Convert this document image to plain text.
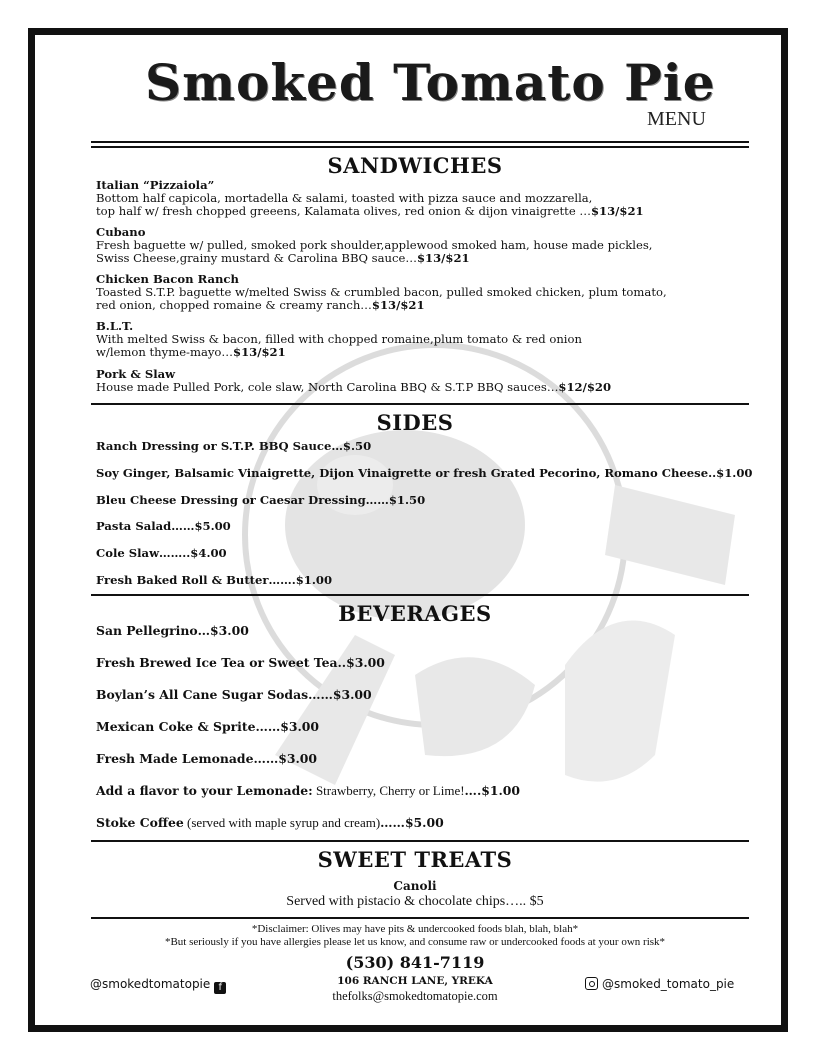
Smoked Tomato Pie
MENU
SANDWICHES
Italian “Pizzaiola”
Bottom half capicola, mortadella & salami, toasted with pizza sauce and mozzarella,
top half w/ fresh chopped greeens, Kalamata olives, red onion & dijon vinaigrette …$13/$21
Cubano
Fresh baguette w/ pulled, smoked pork shoulder,applewood smoked ham, house made pickles,
Swiss Cheese,grainy mustard & Carolina BBQ sauce…$13/$21
Chicken Bacon Ranch
Toasted S.T.P. baguette w/melted Swiss & crumbled bacon, pulled smoked chicken, plum tomato,
red onion, chopped romaine & creamy ranch…$13/$21
B.L.T.
With melted Swiss & bacon, filled with chopped romaine,plum tomato & red onion
w/lemon thyme-mayo…$13/$21
Pork & Slaw
House made Pulled Pork, cole slaw, North Carolina BBQ & S.T.P BBQ sauces…$12/$20
SIDES
Ranch Dressing or S.T.P. BBQ Sauce…$.50
Soy Ginger, Balsamic Vinaigrette, Dijon Vinaigrette or fresh Grated Pecorino, Romano Cheese..$1.00
Bleu Cheese Dressing or Caesar Dressing……$1.50
Pasta Salad……$5.00
Cole Slaw……..$4.00
Fresh Baked Roll & Butter…….$1.00
BEVERAGES
San Pellegrino…$3.00
Fresh Brewed Ice Tea or Sweet Tea..$3.00
Boylan’s All Cane Sugar Sodas……$3.00
Mexican Coke & Sprite……$3.00
Fresh Made Lemonade……$3.00
Add a flavor to your Lemonade: Strawberry, Cherry or Lime!….$1.00
Stoke Coffee (served with maple syrup and cream)……$5.00
SWEET TREATS
Canoli
Served with pistacio & chocolate chips….. $5
*Disclaimer: Olives may have pits & undercooked foods blah, blah, blah*
*But seriously if you have allergies please let us know, and consume raw or undercooked foods at your own risk*
(530) 841-7119
106 RANCH LANE, YREKA
thefolks@smokedtomatopie.com
@smokedtomatopie f	@smoked_tomato_pie
